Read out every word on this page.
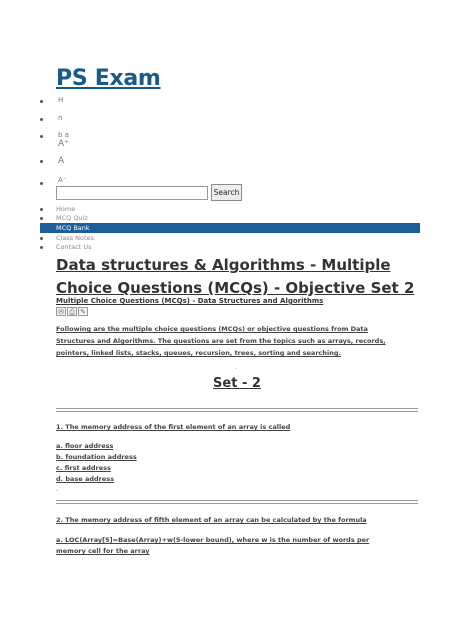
PS Exam
H
n
b a
A⁺
A
A⁻
Search
Home
MCQ Quiz
MCQ Bank
Class Notes
Contact Us
Data structures & Algorithms - Multiple Choice Questions (MCQs) - Objective Set 2
Multiple Choice Questions (MCQs) - Data Structures and Algorithms
✉ ⎙ ✎
Following are the multiple choice questions (MCQs) or objective questions from Data Structures and Algorithms. The questions are set from the topics such as arrays, records, pointers, linked lists, stacks, queues, recursion, trees, sorting and searching.
.
Set - 2
1. The memory address of the first element of an array is called
a. floor address
b. foundation address
c. first address
d. base address
.
2. The memory address of fifth element of an array can be calculated by the formula
a. LOC(Array[5]=Base(Array)+w(5-lower bound), where w is the number of words per memory cell for the array
